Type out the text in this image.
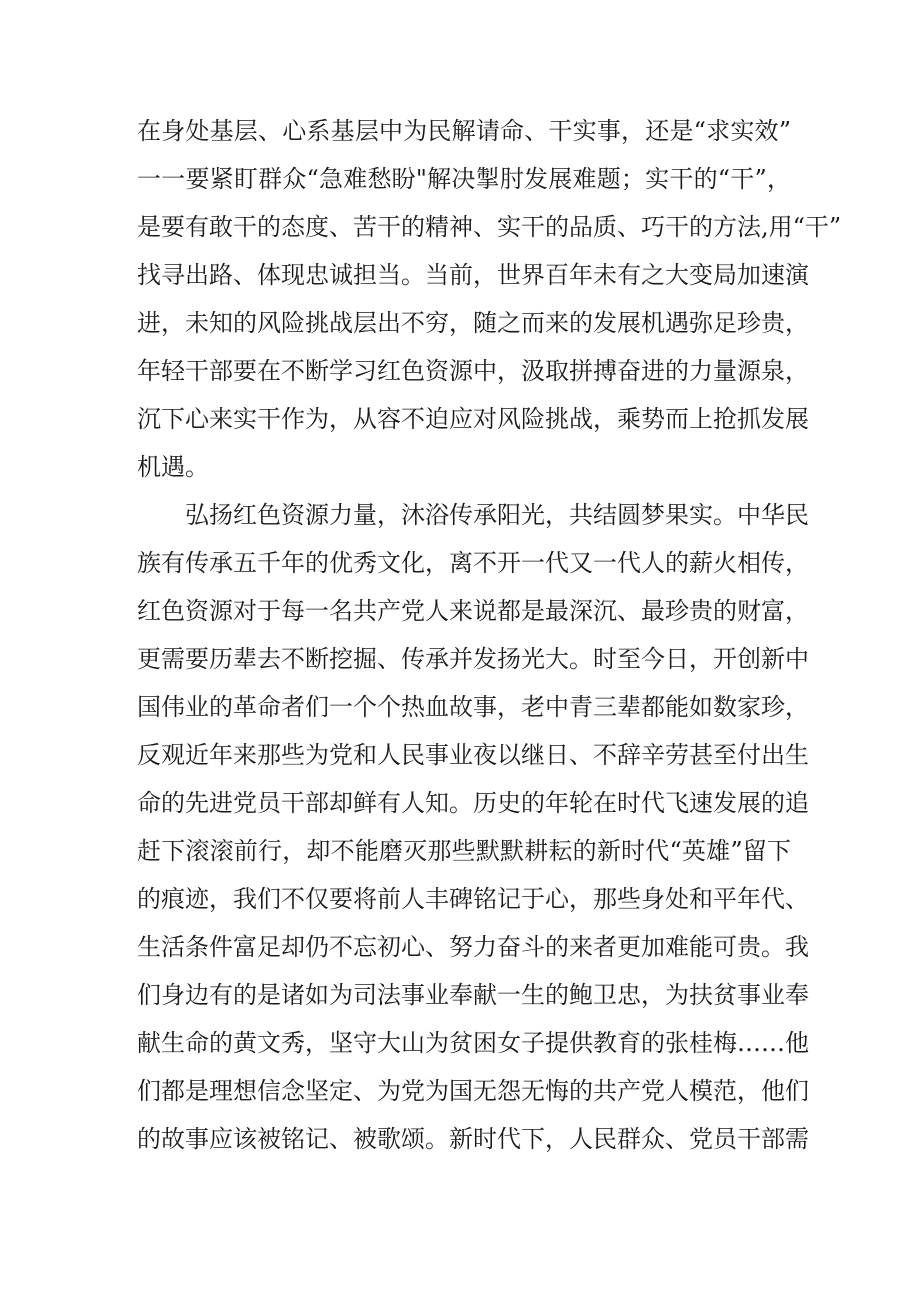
在身处基层、心系基层中为民解请命、干实事，还是“求实效”
一一要紧盯群众“急难愁盼"解决掣肘发展难题；实干的“干”，
是要有敢干的态度、苦干的精神、实干的品质、巧干的方法,用“干”
找寻出路、体现忠诚担当。当前，世界百年未有之大变局加速演
进，未知的风险挑战层出不穷，随之而来的发展机遇弥足珍贵，
年轻干部要在不断学习红色资源中，汲取拼搏奋进的力量源泉，
沉下心来实干作为，从容不迫应对风险挑战，乘势而上抢抓发展
机遇。
弘扬红色资源力量，沐浴传承阳光，共结圆梦果实。中华民
族有传承五千年的优秀文化，离不开一代又一代人的薪火相传，
红色资源对于每一名共产党人来说都是最深沉、最珍贵的财富，
更需要历辈去不断挖掘、传承并发扬光大。时至今日，开创新中
国伟业的革命者们一个个热血故事，老中青三辈都能如数家珍，
反观近年来那些为党和人民事业夜以继日、不辞辛劳甚至付出生
命的先进党员干部却鲜有人知。历史的年轮在时代飞速发展的追
赶下滚滚前行，却不能磨灭那些默默耕耘的新时代“英雄”留下
的痕迹，我们不仅要将前人丰碑铭记于心，那些身处和平年代、
生活条件富足却仍不忘初心、努力奋斗的来者更加难能可贵。我
们身边有的是诸如为司法事业奉献一生的鲍卫忠，为扶贫事业奉
献生命的黄文秀，坚守大山为贫困女子提供教育的张桂梅……他
们都是理想信念坚定、为党为国无怨无悔的共产党人模范，他们
的故事应该被铭记、被歌颂。新时代下，人民群众、党员干部需
